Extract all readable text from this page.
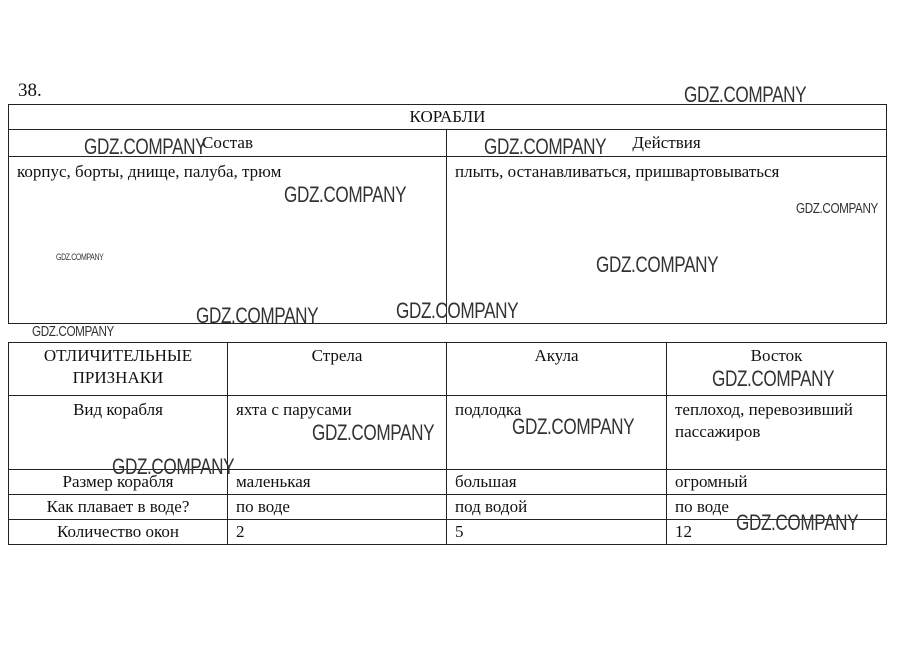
38.
КОРАБЛИ	
Состав	Действия
корпус, борты, днище, палуба, трюм	плыть, останавливаться, пришвартовываться
ОТЛИЧИТЕЛЬНЫЕ ПРИЗНАКИ	Стрела	Акула	Восток
Вид корабля	яхта с парусами	подлодка	теплоход, перевозивший пассажиров
Размер корабля	маленькая	большая	огромный
Как плавает в воде?	по воде	под водой	по воде
Количество окон	2	5	12
GDZ.COMPANY
GDZ.COMPANY	GDZ.COMPANY
GDZ.COMPANY
GDZ.COMPANY
GDZ.COMPANY	GDZ.COMPANY
GDZ.COMPANY	GDZ.COMPANY
GDZ.COMPANY
GDZ.COMPANY
GDZ.COMPANY	GDZ.COMPANY
GDZ.COMPANY
GDZ.COMPANY
